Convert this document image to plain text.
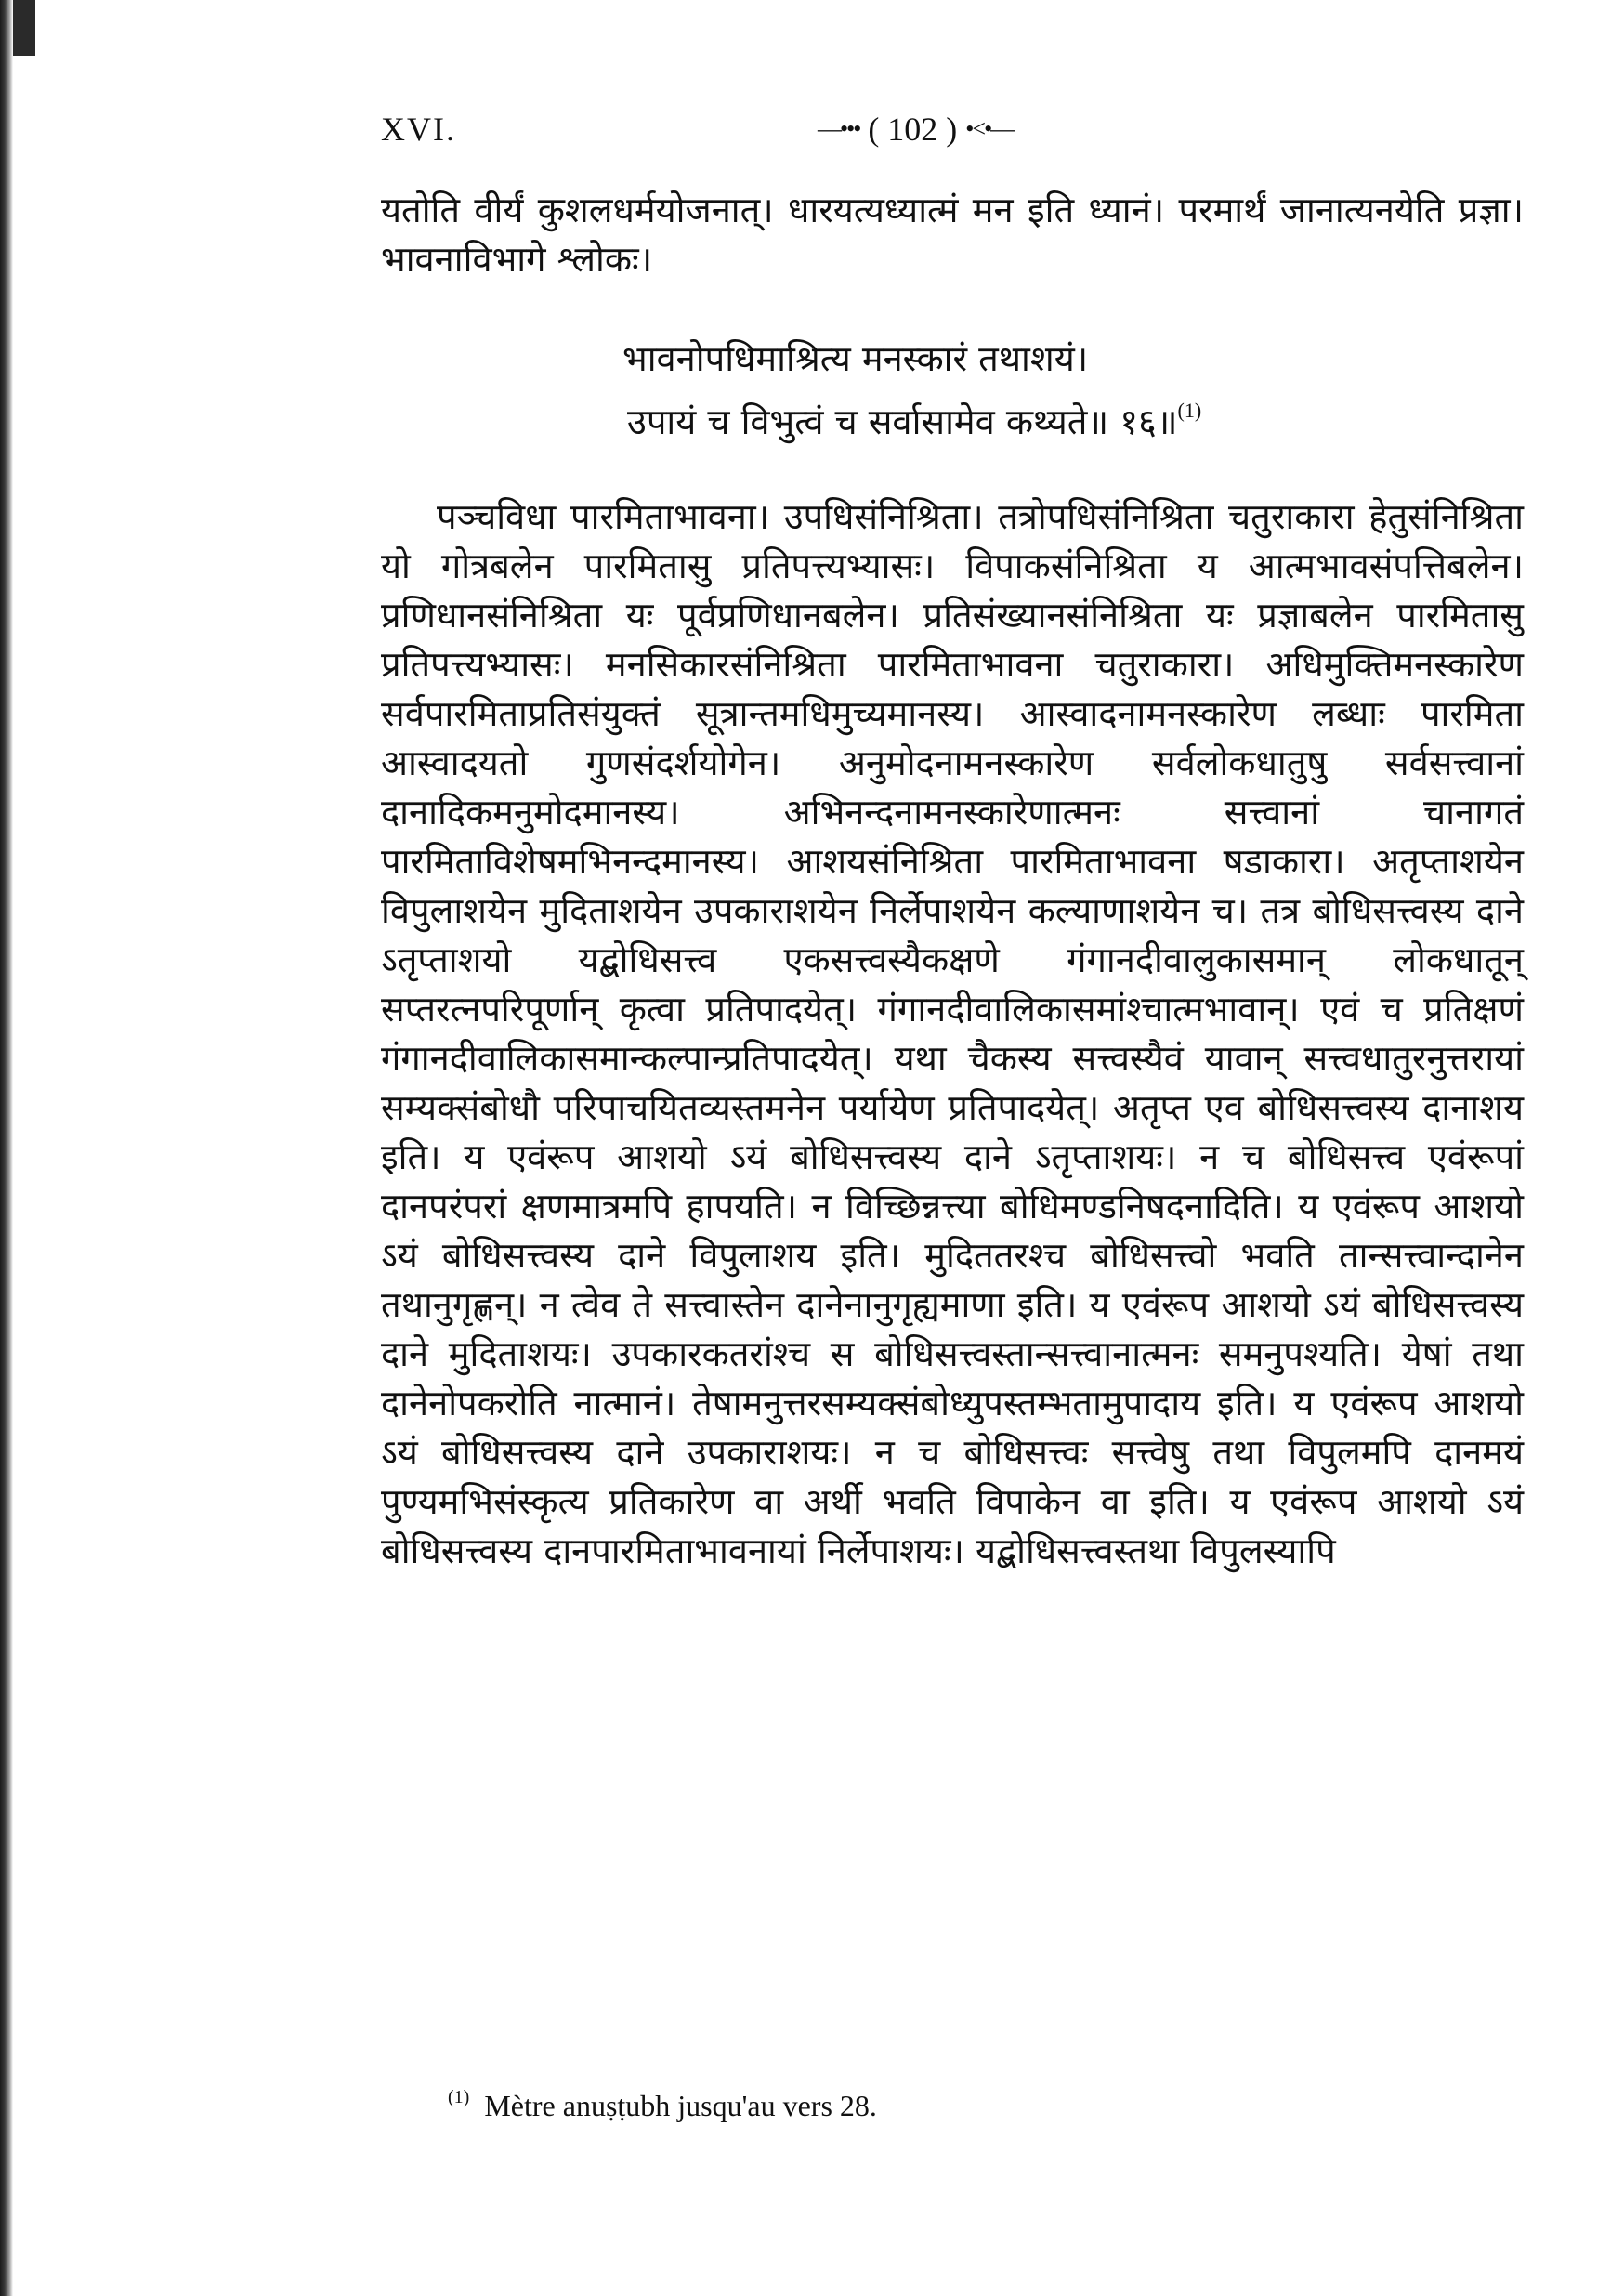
XVI.	—••• ( 102 ) •<•—

यतोति वीर्यं कुशलधर्मयोजनात्। धारयत्यध्यात्मं मन इति ध्यानं। परमार्थं जानात्यनयेति प्रज्ञा। भावनाविभागे श्लोकः।

भावनोपधिमाश्रित्य मनस्कारं तथाशयं।
उपायं च विभुत्वं च सर्वासामेव कथ्यते॥ १६॥$^{(1)}$

पञ्चविधा पारमिताभावना। उपधिसंनिश्रिता। तत्रोपधिसंनिश्रिता चतुराकारा हेतुसंनिश्रिता यो गोत्रबलेन पारमितासु प्रतिपत्त्यभ्यासः। विपाकसंनिश्रिता य आत्मभावसंपत्तिबलेन। प्रणिधानसंनिश्रिता यः पूर्वप्रणिधानबलेन। प्रतिसंख्यानसंनिश्रिता यः प्रज्ञाबलेन पारमितासु प्रतिपत्त्यभ्यासः। मनसिकारसंनिश्रिता पारमिताभावना चतुराकारा। अधिमुक्तिमनस्कारेण सर्वपारमिताप्रतिसंयुक्तं सूत्रान्तमधिमुच्यमानस्य। आस्वादनामनस्कारेण लब्धाः पारमिता आस्वादयतो गुणसंदर्शयोगेन। अनुमोदनामनस्कारेण सर्वलोकधातुषु सर्वसत्त्वानां दानादिकमनुमोदमानस्य। अभिनन्दनामनस्कारेणात्मनः सत्त्वानां चानागतं पारमिताविशेषमभिनन्दमानस्य। आशयसंनिश्रिता पारमिताभावना षडाकारा। अतृप्ताशयेन विपुलाशयेन मुदिताशयेन उपकाराशयेन निर्लेपाशयेन कल्याणाशयेन च। तत्र बोधिसत्त्वस्य दाने ऽतृप्ताशयो यद्बोधिसत्त्व एकसत्त्वस्यैकक्षणे गंगानदीवालुकासमान् लोकधातून् सप्तरत्नपरिपूर्णान् कृत्वा प्रतिपादयेत्। गंगानदीवालिकासमांश्चात्मभावान्। एवं च प्रतिक्षणं गंगानदीवालिकासमान्कल्पान्प्रतिपादयेत्। यथा चैकस्य सत्त्वस्यैवं यावान् सत्त्वधातुरनुत्तरायां सम्यक्संबोधौ परिपाचयितव्यस्तमनेन पर्यायेण प्रतिपादयेत्। अतृप्त एव बोधिसत्त्वस्य दानाशय इति। य एवंरूप आशयो ऽयं बोधिसत्त्वस्य दाने ऽतृप्ताशयः। न च बोधिसत्त्व एवंरूपां दानपरंपरां क्षणमात्रमपि हापयति। न विच्छिन्नत्त्या बोधिमण्डनिषदनादिति। य एवंरूप आशयो ऽयं बोधिसत्त्वस्य दाने विपुलाशय इति। मुदिततरश्च बोधिसत्त्वो भवति तान्सत्त्वान्दानेन तथानुगृह्णन्। न त्वेव ते सत्त्वास्तेन दानेनानुगृह्यमाणा इति। य एवंरूप आशयो ऽयं बोधिसत्त्वस्य दाने मुदिताशयः। उपकारकतरांश्च स बोधिसत्त्वस्तान्सत्त्वानात्मनः समनुपश्यति। येषां तथा दानेनोपकरोति नात्मानं। तेषामनुत्तरसम्यक्संबोध्युपस्तम्भतामुपादाय इति। य एवंरूप आशयो ऽयं बोधिसत्त्वस्य दाने उपकाराशयः। न च बोधिसत्त्वः सत्त्वेषु तथा विपुलमपि दानमयं पुण्यमभिसंस्कृत्य प्रतिकारेण वा अर्थी भवति विपाकेन वा इति। य एवंरूप आशयो ऽयं बोधिसत्त्वस्य दानपारमिताभावनायां निर्लेपाशयः। यद्बोधिसत्त्वस्तथा विपुलस्यापि

$^{(1)}$ Mètre anuṣṭubh jusqu'au vers 28.
